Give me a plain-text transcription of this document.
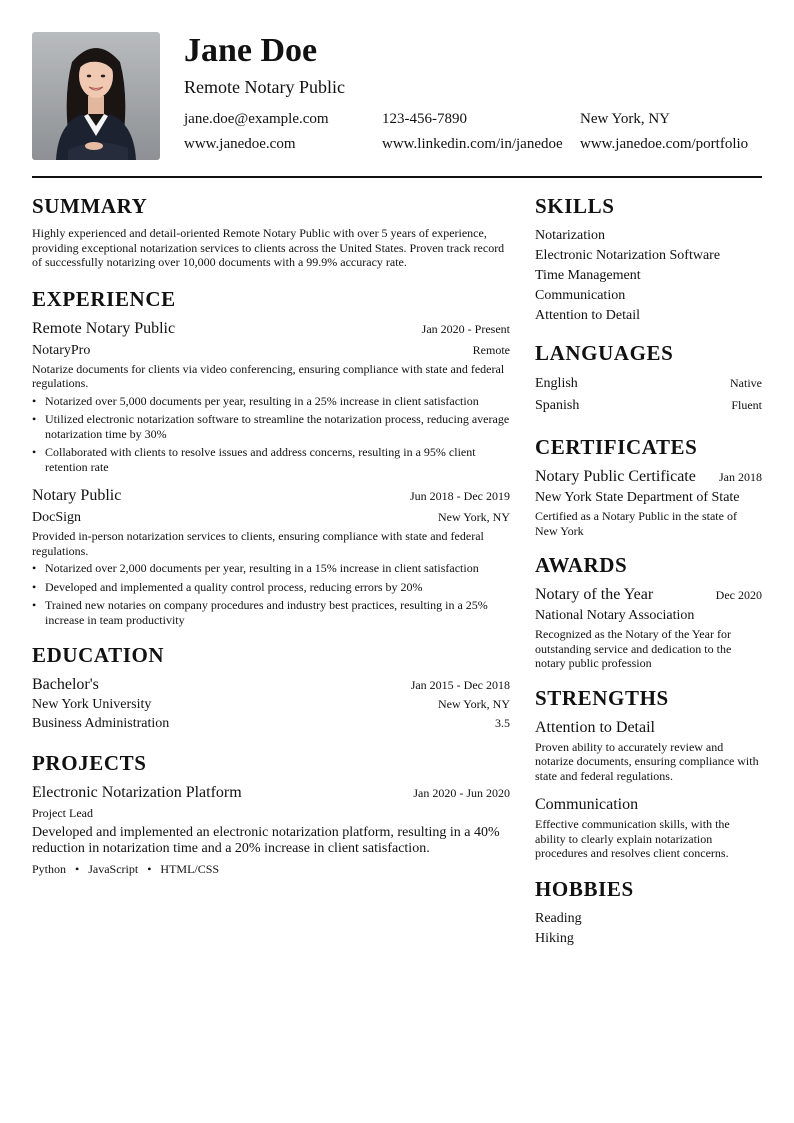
Jane Doe
Remote Notary Public
jane.doe@example.com	123-456-7890	New York, NY
www.janedoe.com	www.linkedin.com/in/janedoe www.janedoe.com/portfolio
SUMMARY
Highly experienced and detail-oriented Remote Notary Public with over 5 years of experience, providing exceptional notarization services to clients across the United States. Proven track record of successfully notarizing over 10,000 documents with a 99.9% accuracy rate.
EXPERIENCE
Remote Notary Public	Jan 2020 - Present
NotaryPro	Remote
Notarize documents for clients via video conferencing, ensuring compliance with state and federal regulations.
• Notarized over 5,000 documents per year, resulting in a 25% increase in client satisfaction
• Utilized electronic notarization software to streamline the notarization process, reducing average notarization time by 30%
• Collaborated with clients to resolve issues and address concerns, resulting in a 95% client retention rate
Notary Public	Jun 2018 - Dec 2019
DocSign	New York, NY
Provided in-person notarization services to clients, ensuring compliance with state and federal regulations.
• Notarized over 2,000 documents per year, resulting in a 15% increase in client satisfaction
• Developed and implemented a quality control process, reducing errors by 20%
• Trained new notaries on company procedures and industry best practices, resulting in a 25% increase in team productivity
EDUCATION
Bachelor's	Jan 2015 - Dec 2018
New York University	New York, NY
Business Administration	3.5
PROJECTS
Electronic Notarization Platform	Jan 2020 - Jun 2020
Project Lead
Developed and implemented an electronic notarization platform, resulting in a 40% reduction in notarization time and a 20% increase in client satisfaction.
Python • JavaScript • HTML/CSS
SKILLS
Notarization
Electronic Notarization Software
Time Management
Communication
Attention to Detail
LANGUAGES
English	Native
Spanish	Fluent
CERTIFICATES
Notary Public Certificate Jan 2018
New York State Department of State
Certified as a Notary Public in the state of New York
AWARDS
Notary of the Year	Dec 2020
National Notary Association
Recognized as the Notary of the Year for outstanding service and dedication to the notary public profession
STRENGTHS
Attention to Detail
Proven ability to accurately review and notarize documents, ensuring compliance with state and federal regulations.
Communication
Effective communication skills, with the ability to clearly explain notarization procedures and resolves client concerns.
HOBBIES
Reading
Hiking
